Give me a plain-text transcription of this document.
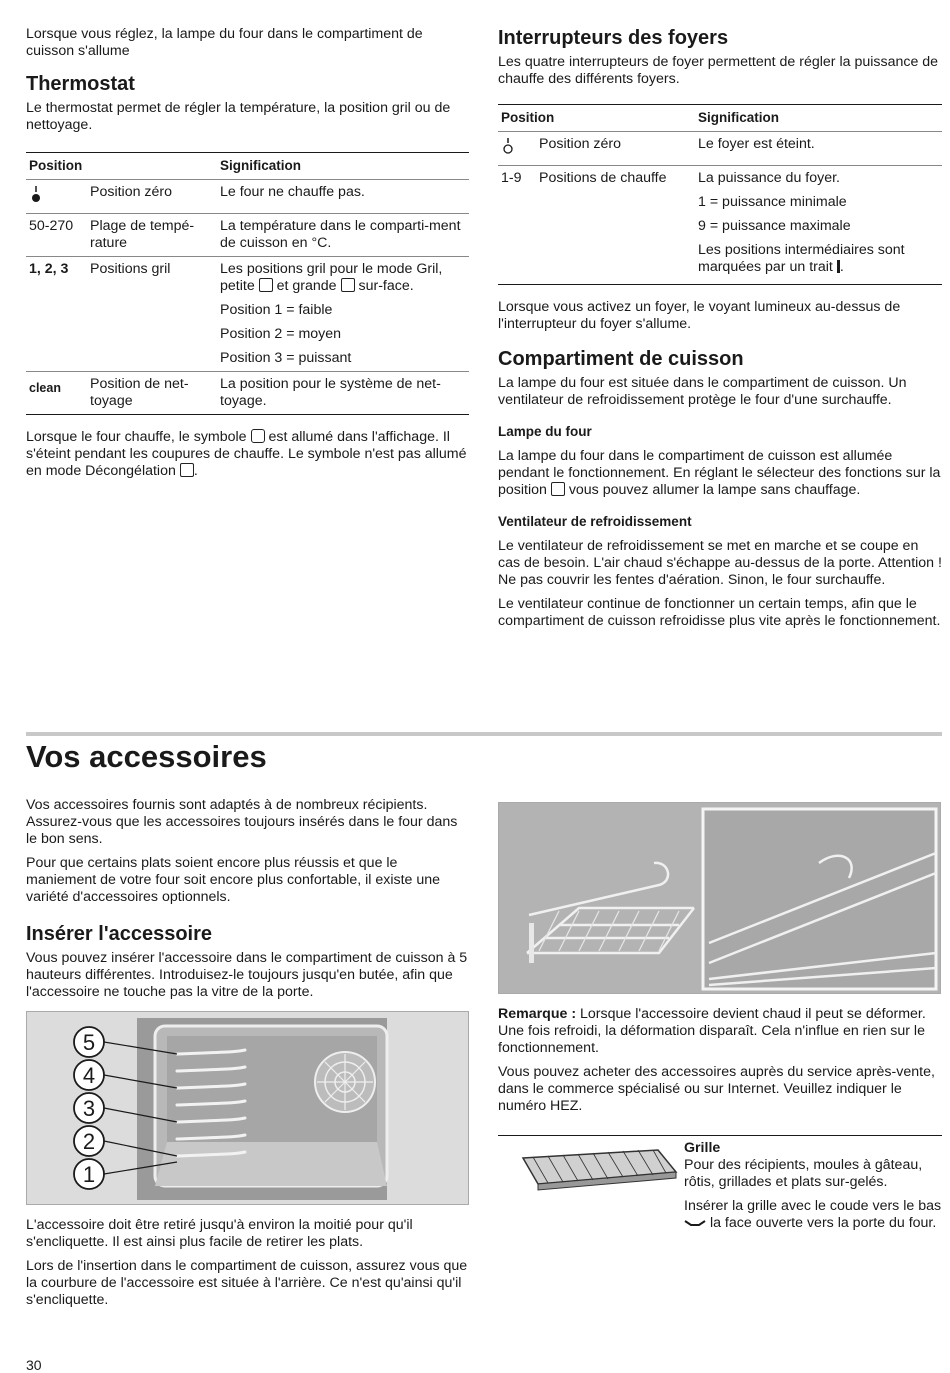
Lorsque vous réglez, la lampe du four dans le compartiment de cuisson s'allume

Thermostat

Le thermostat permet de régler la température, la position gril ou de nettoyage.

Position		Signification
	Position zéro	Le four ne chauffe pas.

50-270	Plage de tempé-rature	La température dans le comparti-ment de cuisson en °C.

1, 2, 3	Positions gril	Les positions gril pour le mode Gril, petite et grande sur-face.
Position 1 = faible
Position 2 = moyen
Position 3 = puissant

clean	Position de net-toyage	La position pour le système de net-toyage.

Lorsque le four chauffe, le symbole est allumé dans l'affichage. Il s'éteint pendant les coupures de chauffe. Le symbole n'est pas allumé en mode Décongélation .

Interrupteurs des foyers

Les quatre interrupteurs de foyer permettent de régler la puissance de chauffe des différents foyers.

Position		Signification
	Position zéro	Le foyer est éteint.

1-9	Positions de chauffe	La puissance du foyer.
1 = puissance minimale
9 = puissance maximale
Les positions intermédiaires sont marquées par un trait .

Lorsque vous activez un foyer, le voyant lumineux au-dessus de l'interrupteur du foyer s'allume.

Compartiment de cuisson

La lampe du four est située dans le compartiment de cuisson. Un ventilateur de refroidissement protège le four d'une surchauffe.

Lampe du four

La lampe du four dans le compartiment de cuisson est allumée pendant le fonctionnement. En réglant le sélecteur des fonctions sur la position vous pouvez allumer la lampe sans chauffage.

Ventilateur de refroidissement

Le ventilateur de refroidissement se met en marche et se coupe en cas de besoin. L'air chaud s'échappe au-dessus de la porte. Attention ! Ne pas couvrir les fentes d'aération. Sinon, le four surchauffe.

Le ventilateur continue de fonctionner un certain temps, afin que le compartiment de cuisson refroidisse plus vite après le fonctionnement.

Vos accessoires

Vos accessoires fournis sont adaptés à de nombreux récipients. Assurez-vous que les accessoires toujours insérés dans le four dans le bon sens.

Pour que certains plats soient encore plus réussis et que le maniement de votre four soit encore plus confortable, il existe une variété d'accessoires optionnels.

Insérer l'accessoire

Vous pouvez insérer l'accessoire dans le compartiment de cuisson à 5 hauteurs différentes. Introduisez-le toujours jusqu'en butée, afin que l'accessoire ne touche pas la vitre de la porte.

5
4
3
2
1

L'accessoire doit être retiré jusqu'à environ la moitié pour qu'il s'encliquette. Il est ainsi plus facile de retirer les plats.

Lors de l'insertion dans le compartiment de cuisson, assurez vous que la courbure de l'accessoire est située à l'arrière. Ce n'est qu'ainsi qu'il s'encliquette.

Remarque : Lorsque l'accessoire devient chaud il peut se déformer. Une fois refroidi, la déformation disparaît. Cela n'influe en rien sur le fonctionnement.

Vous pouvez acheter des accessoires auprès du service après-vente, dans le commerce spécialisé ou sur Internet. Veuillez indiquer le numéro HEZ.

Grille

Pour des récipients, moules à gâteau, rôtis, grillades et plats sur-gelés.

Insérer la grille avec le coude vers le bas  la face ouverte vers la porte du four.

30
